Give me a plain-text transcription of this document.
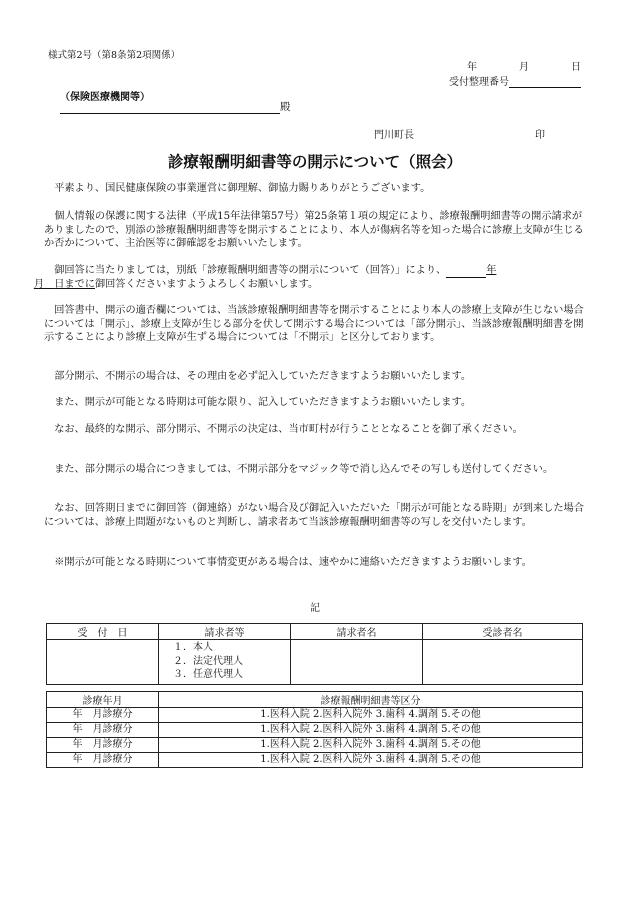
様式第2号（第8条第2項関係）
年	月	日
受付整理番号
（保険医療機関等）
殿
門川町長	印
診療報酬明細書等の開示について（照会）
平素より、国民健康保険の事業運営に御理解、御協力賜りありがとうございます。
個人情報の保護に関する法律（平成15年法律第57号）第25条第１項の規定により、診療報酬明細書等の開示請求がありましたので、別添の診療報酬明細書等を開示することにより、本人が傷病名等を知った場合に診療上支障が生じるか否かについて、主治医等に御確認をお願いいたします。
御回答に当たりましては，別紙「診療報酬明細書等の開示について（回答）」により、	年
月　 日までに御回答くださいますようよろしくお願いします。
回答書中、開示の適否欄については、当該診療報酬明細書等を開示することにより本人の診療上支障が生じない場合については「開示」、診療上支障が生じる部分を伏して開示する場合については「部分開示」、当該診療報酬明細書を開示することにより診療上支障が生ずる場合については「不開示」と区分しております。
部分開示、不開示の場合は、その理由を必ず記入していただきますようお願いいたします。
また、開示が可能となる時期は可能な限り、記入していただきますようお願いいたします。
なお、最終的な開示、部分開示、不開示の決定は、当市町村が行うこととなることを御了承ください。
また、部分開示の場合につきましては、不開示部分をマジック等で消し込んでその写しも送付してください。
なお、回答期日までに御回答（御連絡）がない場合及び御記入いただいた「開示が可能となる時期」が到来した場合については、診療上問題がないものと判断し、請求者あて当該診療報酬明細書等の写しを交付いたします。
※開示が可能となる時期について事情変更がある場合は、速やかに連絡いただきますようお願いします。
記
受　付　日	請求者等	請求者名	受診者名

	１．本人
２．法定代理人
３．任意代理人		

診療年月	診療報酬明細書等区分
年　月診療分	1.医科入院 2.医科入院外 3.歯科 4.調剤 5.その他
年　月診療分	1.医科入院 2.医科入院外 3.歯科 4.調剤 5.その他
年　月診療分	1.医科入院 2.医科入院外 3.歯科 4.調剤 5.その他
年　月診療分	1.医科入院 2.医科入院外 3.歯科 4.調剤 5.その他
